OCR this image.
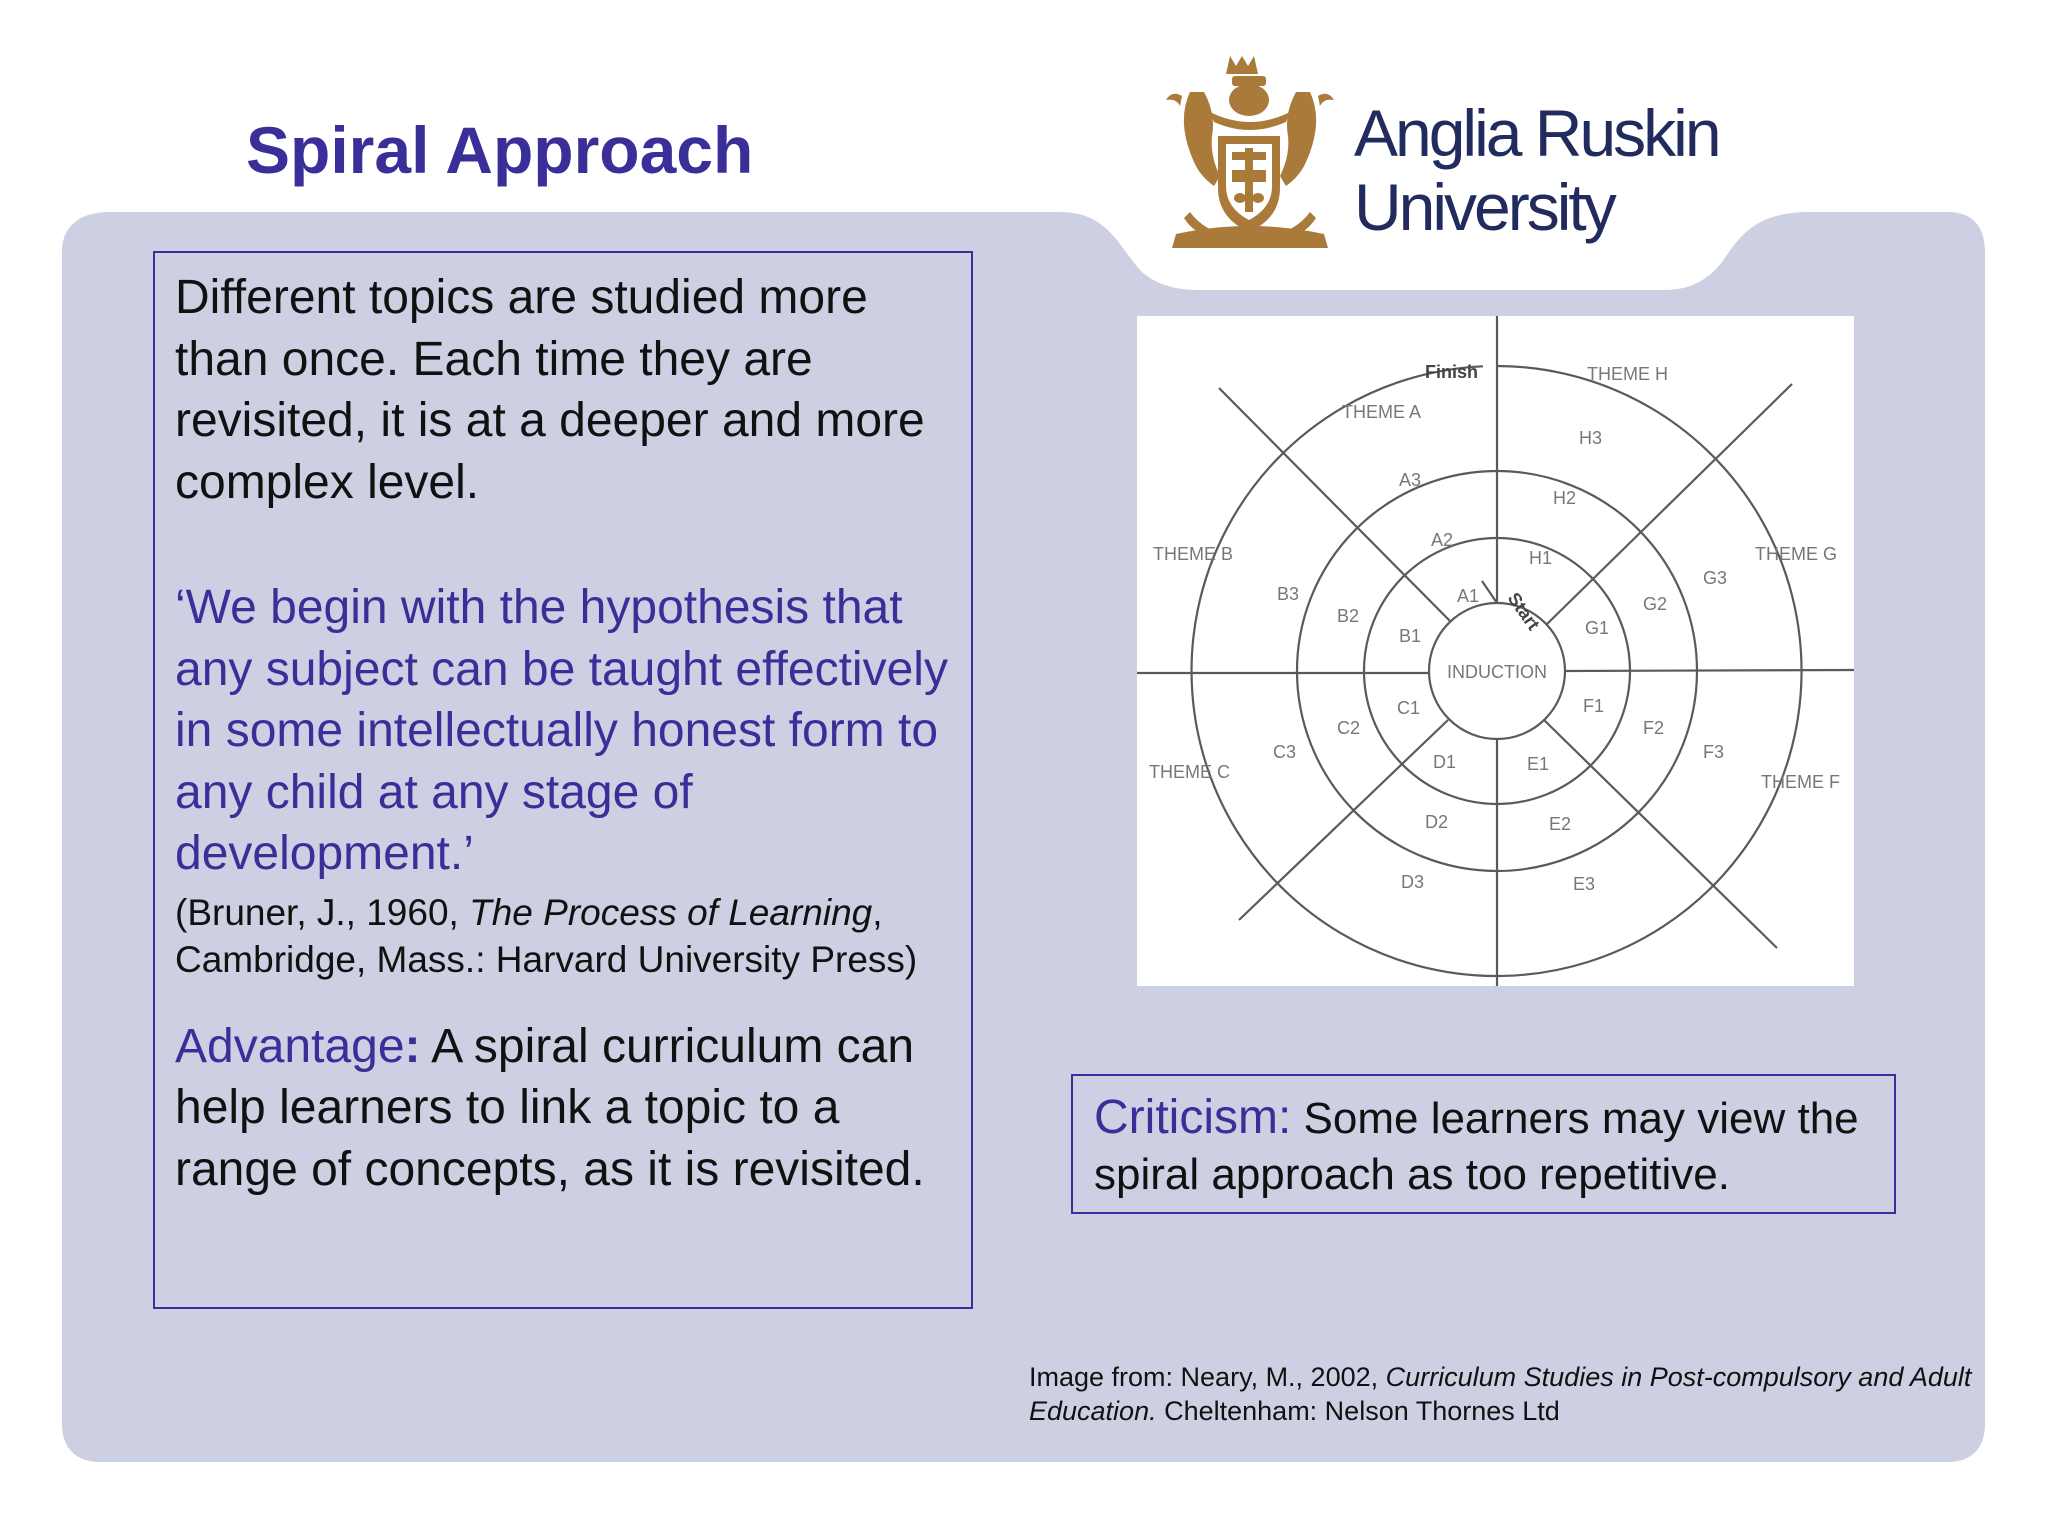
Spiral Approach	Anglia Ruskin
University

Different topics are studied more than once. Each time they are revisited, it is at a deeper and more complex level.

‘We begin with the hypothesis that any subject can be taught effectively in some intellectually honest form to any child at any stage of development.’

(Bruner, J., 1960, The Process of Learning, Cambridge, Mass.: Harvard University Press)

Advantage: A spiral curriculum can help learners to link a topic to a range of concepts, as it is revisited.

Finish
Start
INDUCTION
THEME A
THEME B
THEME C	THEME F
THEME G
THEME H
A1
A2
A3
B1
B2
B3
C1
C2
C3	D1
D2
D3
E1
E2
E3
F1
F2
F3
G1
G2
G3
H1
H2
H3
Criticism: Some learners may view the spiral approach as too repetitive.
Image from: Neary, M., 2002, Curriculum Studies in Post-compulsory and Adult Education. Cheltenham: Nelson Thornes Ltd
